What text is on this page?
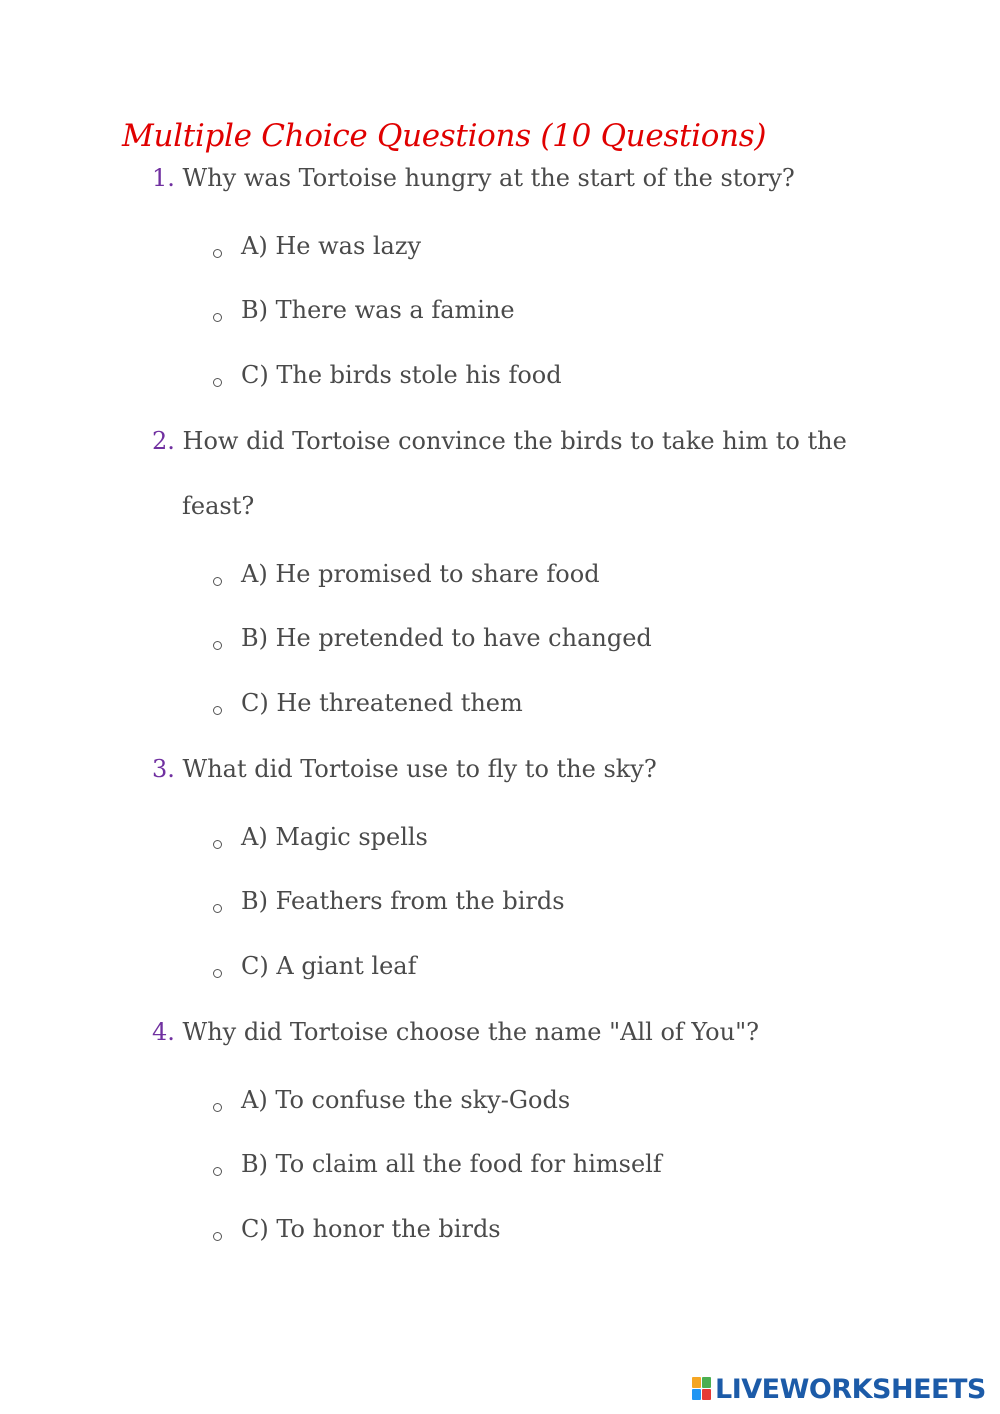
Multiple Choice Questions (10 Questions)
1. Why was Tortoise hungry at the start of the story?
A) He was lazy
B) There was a famine
C) The birds stole his food
2. How did Tortoise convince the birds to take him to the feast?
A) He promised to share food
B) He pretended to have changed
C) He threatened them
3. What did Tortoise use to fly to the sky?
A) Magic spells
B) Feathers from the birds
C) A giant leaf
4. Why did Tortoise choose the name "All of You"?
A) To confuse the sky-Gods
B) To claim all the food for himself
C) To honor the birds
LIVEWORKSHEETS
